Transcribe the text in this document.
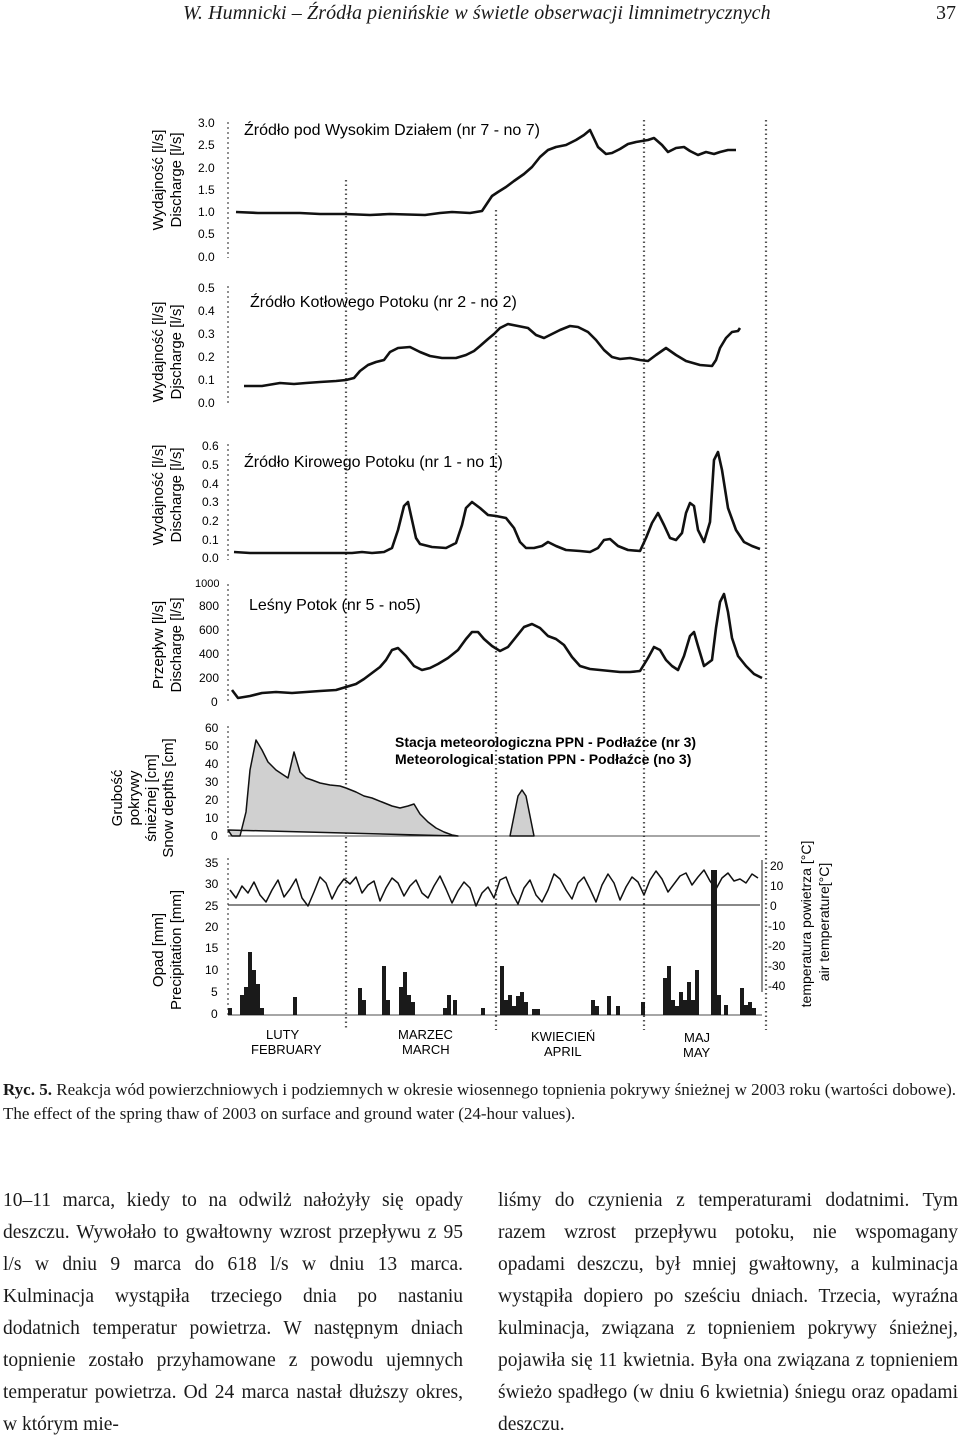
W. Humnicki – Źródła pienińskie w świetle obserwacji limnimetrycznych	37
Wydajność [l/s] Discharge [l/s]
3.0
2.5
2.0
1.5
1.0
0.5
0.0
Źródło pod Wysokim Działem (nr 7 - no 7)
Wydajność [l/s] Djscharge [l/s]
0.5
0.4
0.3
0.2
0.1
0.0
Źródło Kotłowego Potoku (nr 2 - no 2)
Wydajność [l/s] Discharge [l/s]
0.6
0.5
0.4
0.3
0.2
0.1
0.0
Źródło Kirowego Potoku (nr 1 - no 1)
Przepływ [l/s] Discharge [l/s]
1000
800
600
400
200
0
Leśny Potok (nr 5 - no5)
Grubość pokrywy śnieżnej [cm] Snow depths [cm]
60
50
40
30
20
10
0
Stacja meteorologiczna PPN - Podłaźce (nr 3)
Meteorological station PPN - Podłaźce (no 3)
Opad [mm] Precipitation [mm]
35
30
25
20
15
10
5
0
20
10
0
-10
-20
-30
-40 temperatura powietrza [°C] air temperature[°C]
LUTY
FEBRUARY
MARZEC
MARCH
KWIECIEŃ
APRIL
MAJ
MAY
Ryc. 5. Reakcja wód powierzchniowych i podziemnych w okresie wiosennego topnienia pokrywy śnieżnej w 2003 roku (wartości dobowe).
The effect of the spring thaw of 2003 on surface and ground water (24-hour values).
10–11 marca, kiedy to na odwilż nałożyły się opady deszczu. Wywołało to gwałtowny wzrost przepływu z 95 l/s w dniu 9 marca do 618 l/s w dniu 13 marca. Kulminacja wystąpiła trzeciego dnia po nastaniu dodatnich temperatur powietrza. W następnym dniach topnienie zostało przyhamowane z powodu ujemnych temperatur powietrza. Od 24 marca nastał dłuższy okres, w którym mie-
liśmy do czynienia z temperaturami dodatnimi. Tym razem wzrost przepływu potoku, nie wspomagany opadami deszczu, był mniej gwałtowny, a kulminacja wystąpiła dopiero po sześciu dniach. Trzecia, wyraźna kulminacja, związana z topnieniem pokrywy śnieżnej, pojawiła się 11 kwietnia. Była ona związana z topnieniem świeżo spadłego (w dniu 6 kwietnia) śniegu oraz opadami deszczu.
